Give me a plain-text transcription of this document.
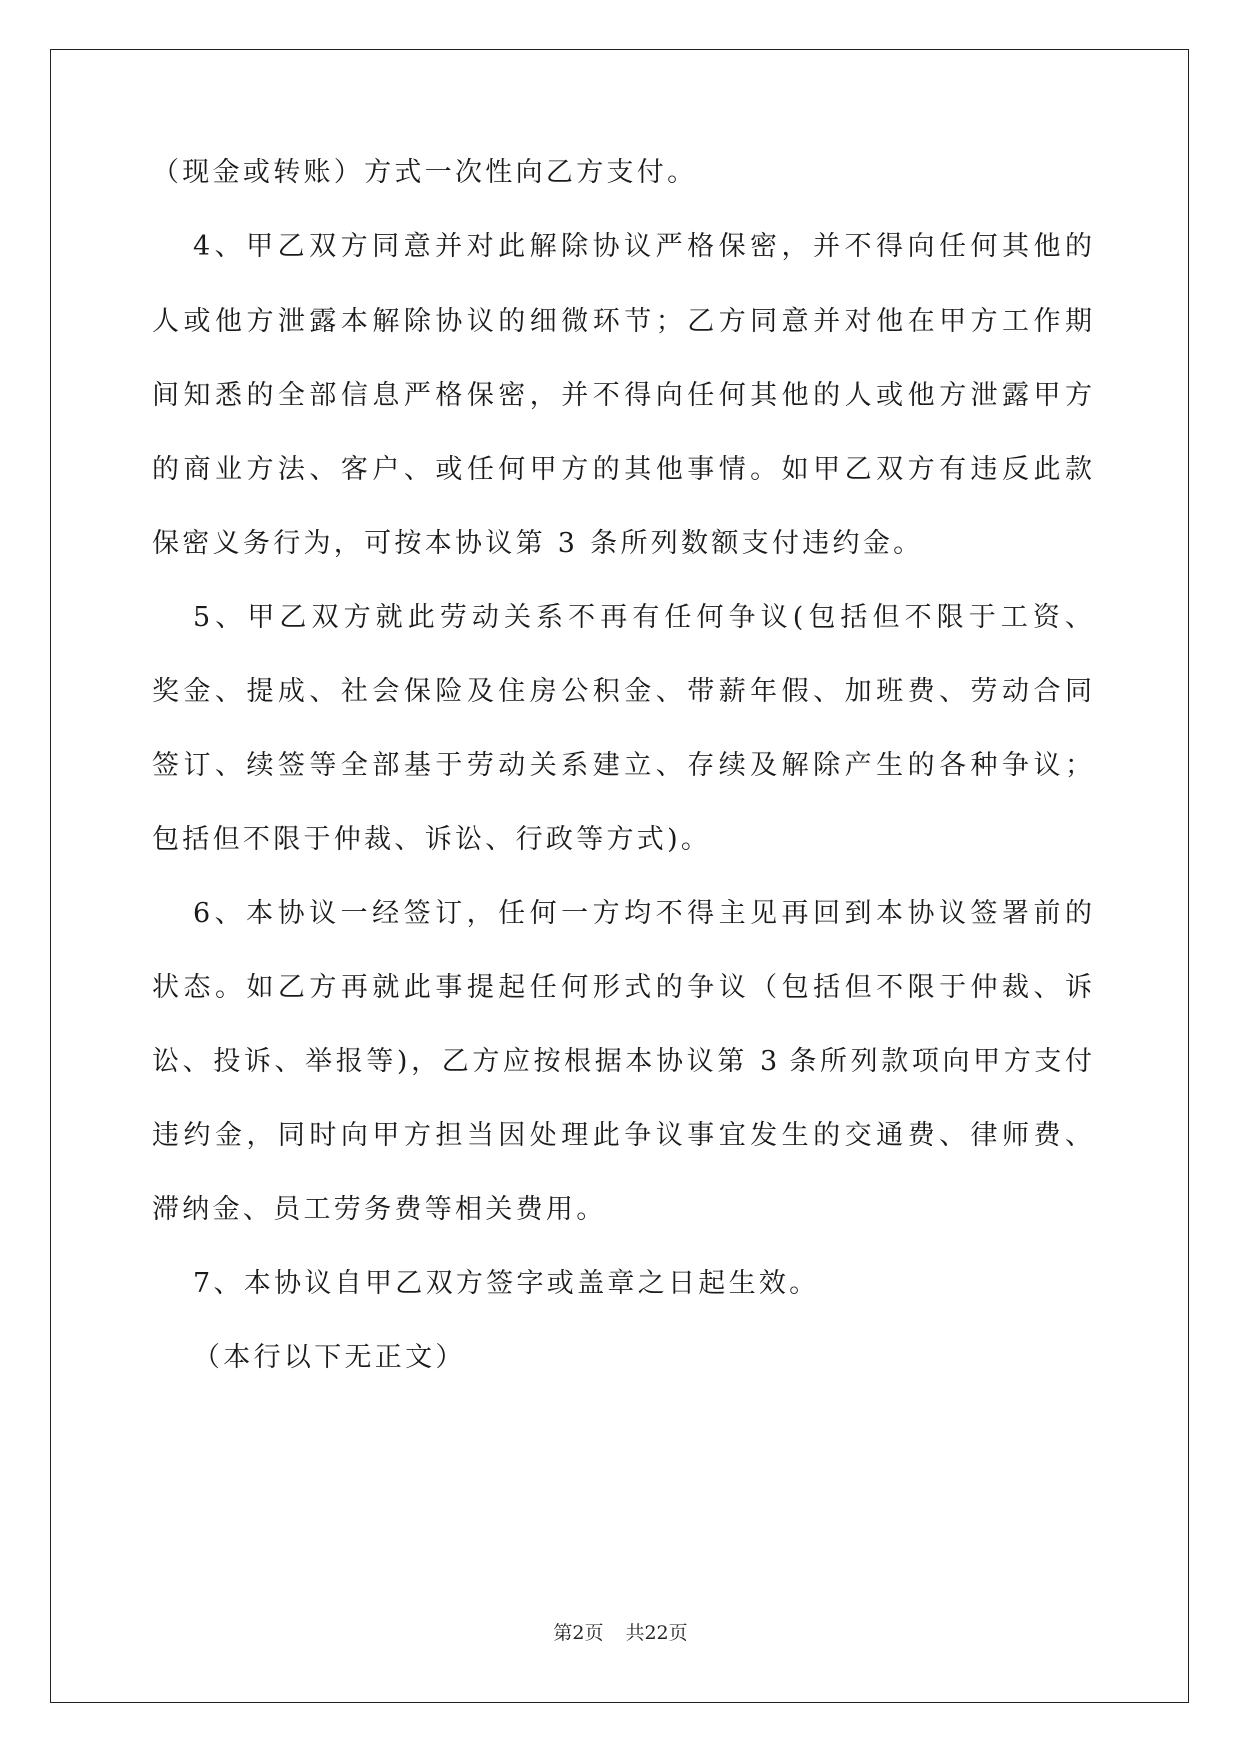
（现金或转账）方式一次性向乙方支付。
4、甲乙双方同意并对此解除协议严格保密，并不得向任何其他的
人或他方泄露本解除协议的细微环节；乙方同意并对他在甲方工作期
间知悉的全部信息严格保密，并不得向任何其他的人或他方泄露甲方
的商业方法、客户、或任何甲方的其他事情。如甲乙双方有违反此款
保密义务行为，可按本协议第 3 条所列数额支付违约金。
5、甲乙双方就此劳动关系不再有任何争议(包括但不限于工资、
奖金、提成、社会保险及住房公积金、带薪年假、加班费、劳动合同
签订、续签等全部基于劳动关系建立、存续及解除产生的各种争议；
包括但不限于仲裁、诉讼、行政等方式)。
6、本协议一经签订，任何一方均不得主见再回到本协议签署前的
状态。如乙方再就此事提起任何形式的争议（包括但不限于仲裁、诉
讼、投诉、举报等)，乙方应按根据本协议第 3 条所列款项向甲方支付
违约金，同时向甲方担当因处理此争议事宜发生的交通费、律师费、
滞纳金、员工劳务费等相关费用。
7、本协议自甲乙双方签字或盖章之日起生效。
（本行以下无正文）
第2页 共22页
